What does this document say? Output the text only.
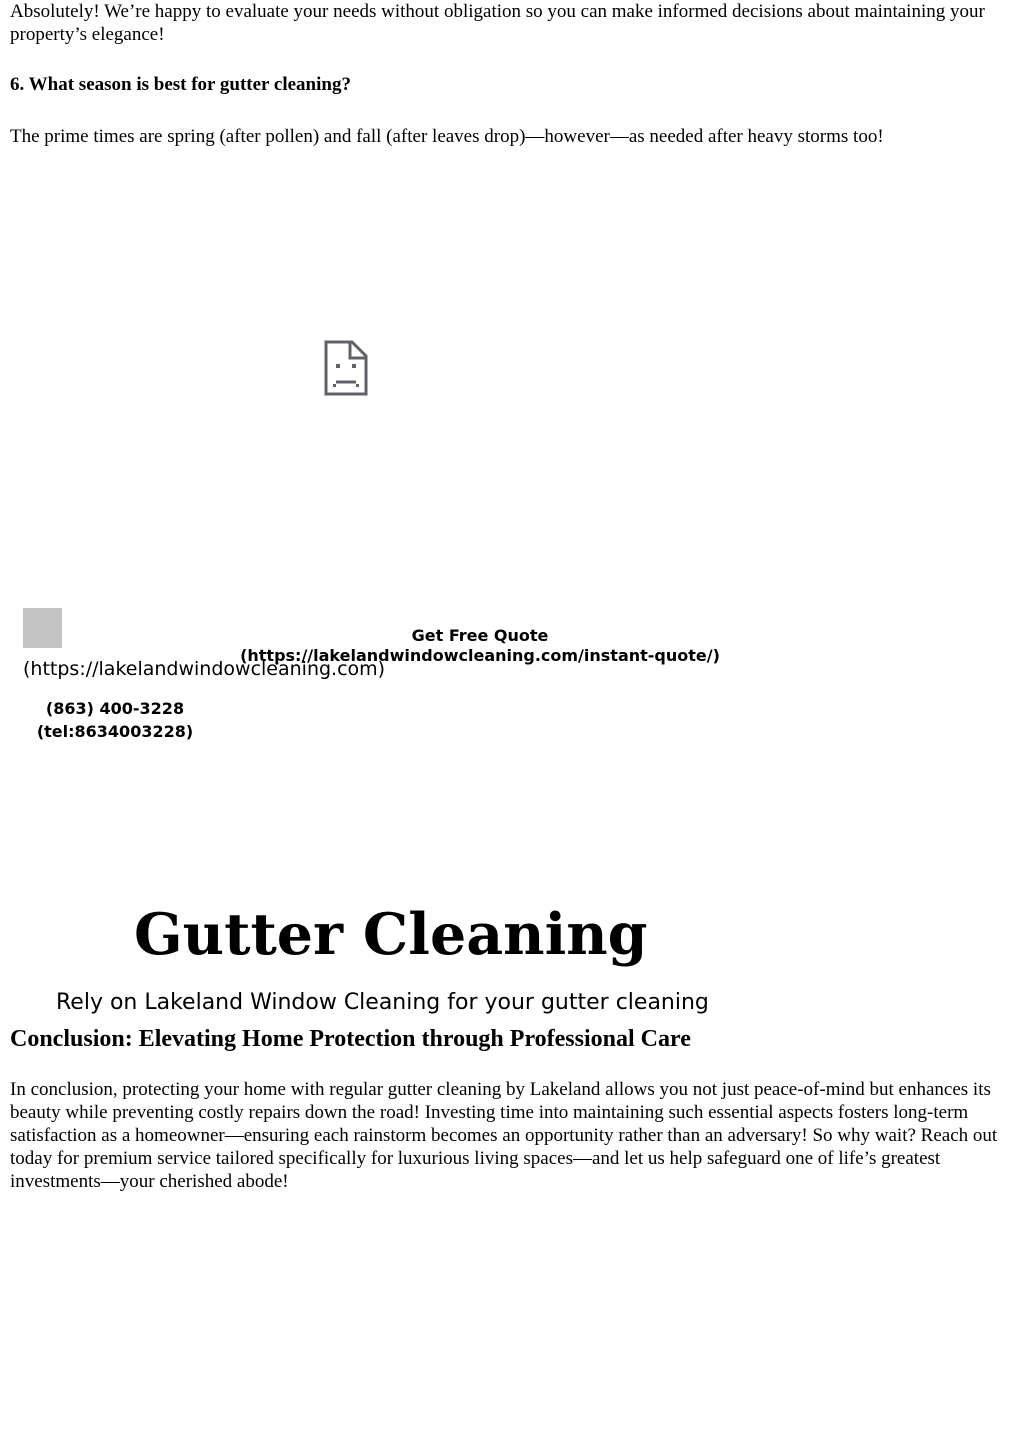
Absolutely! We’re happy to evaluate your needs without obligation so you can make informed decisions about maintaining your property’s elegance!

6. What season is best for gutter cleaning?

The prime times are spring (after pollen) and fall (after leaves drop)—however—as needed after heavy storms too!

(https://lakelandwindowcleaning.com)
Get Free Quote
(https://lakelandwindowcleaning.com/instant-quote/)
(863) 400-3228
(tel:8634003228)
Gutter Cleaning
Rely on Lakeland Window Cleaning for your gutter cleaning
Conclusion: Elevating Home Protection through Professional Care

In conclusion, protecting your home with regular gutter cleaning by Lakeland allows you not just peace-of-mind but enhances its beauty while preventing costly repairs down the road! Investing time into maintaining such essential aspects fosters long-term satisfaction as a homeowner—ensuring each rainstorm becomes an opportunity rather than an adversary! So why wait? Reach out today for premium service tailored specifically for luxurious living spaces—and let us help safeguard one of life’s greatest investments—your cherished abode!
